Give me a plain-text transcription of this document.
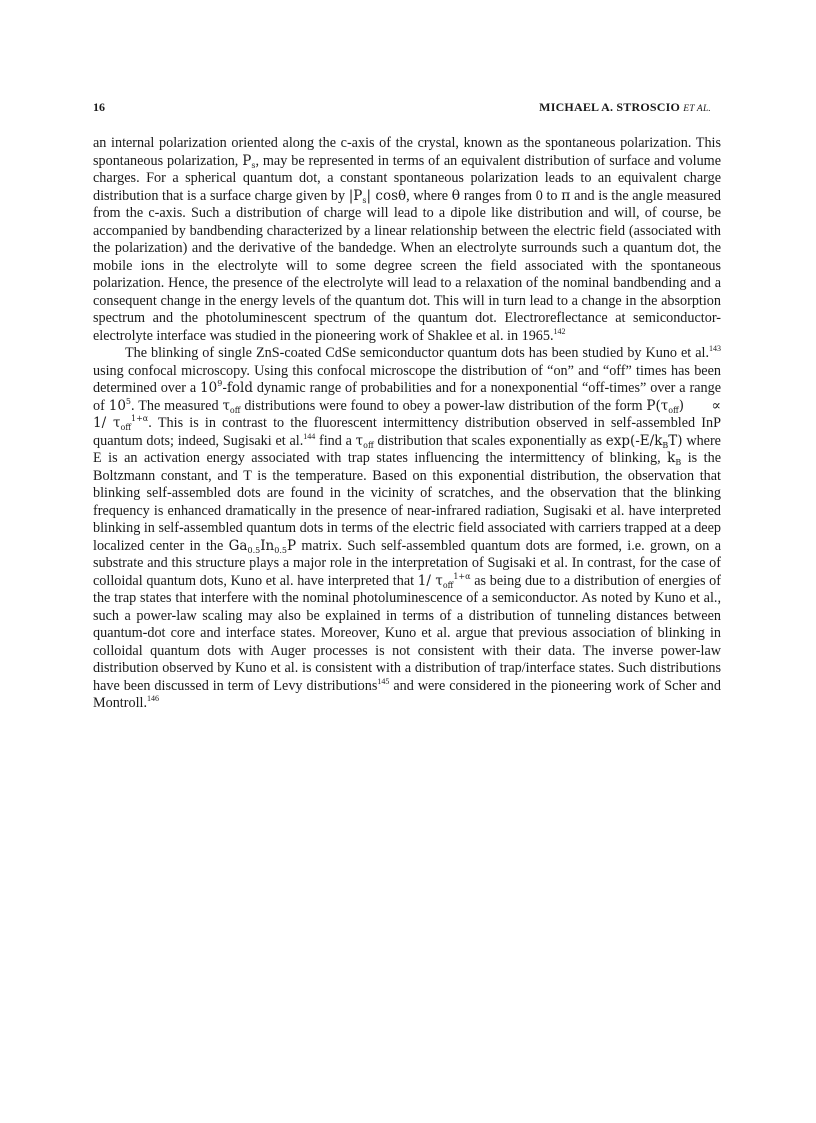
16	MICHAEL A. STROSCIO ET AL.

an internal polarization oriented along the c-axis of the crystal, known as the spontaneous polarization. This spontaneous polarization, $P_s$, may be represented in terms of an equivalent distribution of surface and volume charges. For a spherical quantum dot, a constant spontaneous polarization leads to an equivalent charge distribution that is a surface charge given by $|P_s|$ cosθ, where θ ranges from 0 to π and is the angle measured from the c-axis. Such a distribution of charge will lead to a dipole like distribution and will, of course, be accompanied by bandbending characterized by a linear relationship between the electric field (associated with the polarization) and the derivative of the bandedge. When an electrolyte surrounds such a quantum dot, the mobile ions in the electrolyte will to some degree screen the field associated with the spontaneous polarization. Hence, the presence of the electrolyte will lead to a relaxation of the nominal bandbending and a consequent change in the energy levels of the quantum dot. This will in turn lead to a change in the absorption spectrum and the photoluminescent spectrum of the quantum dot. Electroreflectance at semiconductor-electrolyte interface was studied in the pioneering work of Shaklee et al. in 1965.$^{142}$

The blinking of single ZnS-coated CdSe semiconductor quantum dots has been studied by Kuno et al.$^{143}$ using confocal microscopy. Using this confocal microscope the distribution of “on” and “off” times has been determined over a $10^9$-fold dynamic range of probabilities and for a nonexponential “off-times” over a range of $10^5$. The measured $\tau_{off}$ distributions were found to obey a power-law distribution of the form $P(\tau_{off}) \propto 1/$ $\tau_{off}^{1+\alpha}$. This is in contrast to the fluorescent intermittency distribution observed in self-assembled InP quantum dots; indeed, Sugisaki et al.$^{144}$ find a $\tau_{off}$ distribution that scales exponentially as $\exp(-E/k_BT)$ where E is an activation energy associated with trap states influencing the intermittency of blinking, $k_B$ is the Boltzmann constant, and T is the temperature. Based on this exponential distribution, the observation that blinking self-assembled dots are found in the vicinity of scratches, and the observation that the blinking frequency is enhanced dramatically in the presence of near-infrared radiation, Sugisaki et al. have interpreted blinking in self-assembled quantum dots in terms of the electric field associated with carriers trapped at a deep localized center in the $Ga_{0.5}In_{0.5}P$ matrix. Such self-assembled quantum dots are formed, i.e. grown, on a substrate and this structure plays a major role in the interpretation of Sugisaki et al. In contrast, for the case of colloidal quantum dots, Kuno et al. have interpreted that 1/ $\tau_{off}^{1+\alpha}$ as being due to a distribution of energies of the trap states that interfere with the nominal photoluminescence of a semiconductor. As noted by Kuno et al., such a power-law scaling may also be explained in terms of a distribution of tunneling distances between quantum-dot core and interface states. Moreover, Kuno et al. argue that previous association of blinking in colloidal quantum dots with Auger processes is not consistent with their data. The inverse power-law distribution observed by Kuno et al. is consistent with a distribution of trap/interface states. Such distributions have been discussed in term of Levy distributions$^{145}$ and were considered in the pioneering work of Scher and Montroll.$^{146}$
